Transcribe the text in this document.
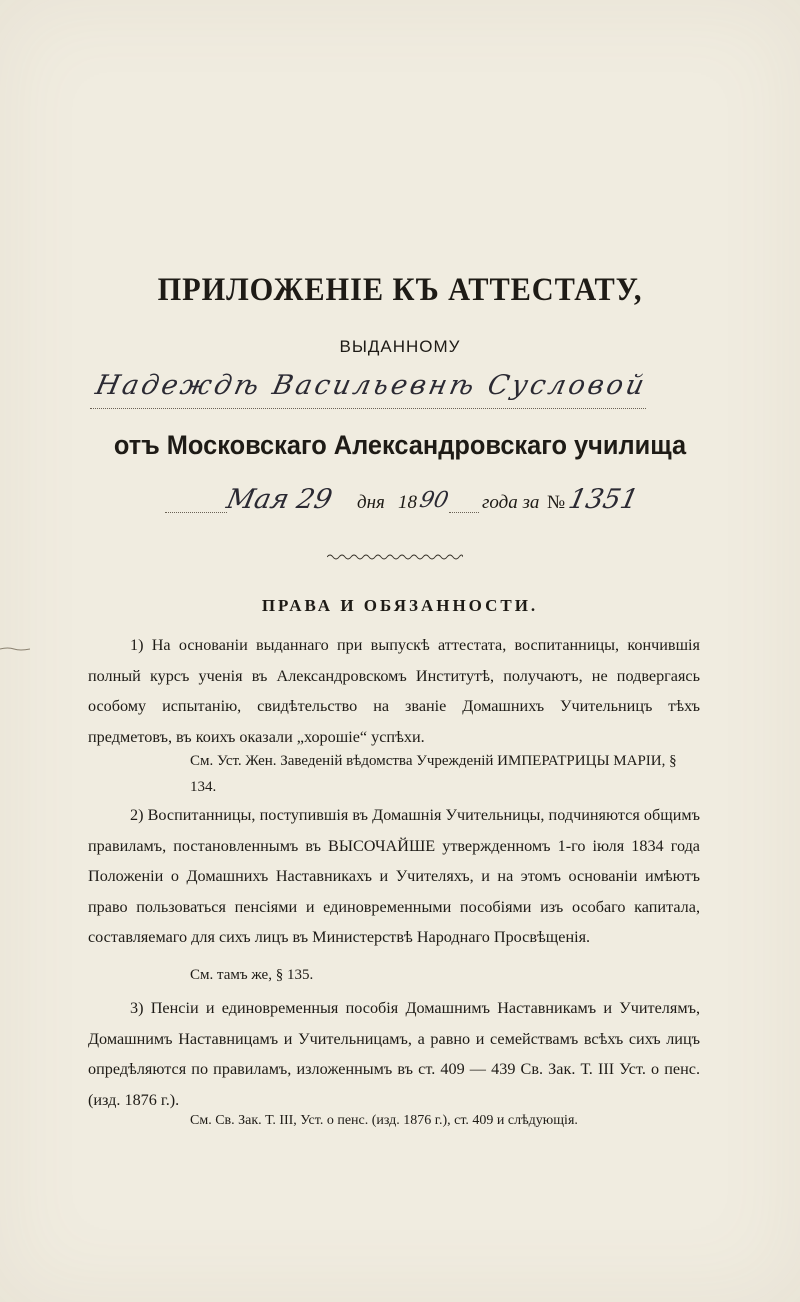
ПРИЛОЖЕНІЕ КЪ АТТЕСТАТУ,
ВЫДАННОМУ
Надеждѣ Васильевнѣ Сусловой
отъ Московскаго Александровскаго училища
Мая 29 дня 18 90 года за № 1351
ПРАВА И ОБЯЗАННОСТИ.

1) На основаніи выданнаго при выпускѣ аттестата, воспитанницы, кончившія полный курсъ ученія въ Александровскомъ Институтѣ, получаютъ, не подвергаясь особому испытанію, свидѣтельство на званіе Домашнихъ Учительницъ тѣхъ предметовъ, въ коихъ оказали „хорошіе“ успѣхи.

См. Уст. Жен. Заведеній вѣдомства Учрежденій ИМПЕРАТРИЦЫ МАРІИ, § 134.

2) Воспитанницы, поступившія въ Домашнія Учительницы, подчиняются общимъ правиламъ, постановленнымъ въ ВЫСОЧАЙШЕ утвержденномъ 1-го іюля 1834 года Положеніи о Домашнихъ Наставникахъ и Учителяхъ, и на этомъ основаніи имѣютъ право пользоваться пенсіями и единовременными пособіями изъ особаго капитала, составляемаго для сихъ лицъ въ Министерствѣ Народнаго Просвѣщенія.

См. тамъ же, § 135.

3) Пенсіи и единовременныя пособія Домашнимъ Наставникамъ и Учителямъ, Домашнимъ Наставницамъ и Учительницамъ, а равно и семействамъ всѣхъ сихъ лицъ опредѣляются по правиламъ, изложеннымъ въ ст. 409 — 439 Св. Зак. Т. III Уст. о пенс. (изд. 1876 г.).

См. Св. Зак. Т. III, Уст. о пенс. (изд. 1876 г.), ст. 409 и слѣдующія.
